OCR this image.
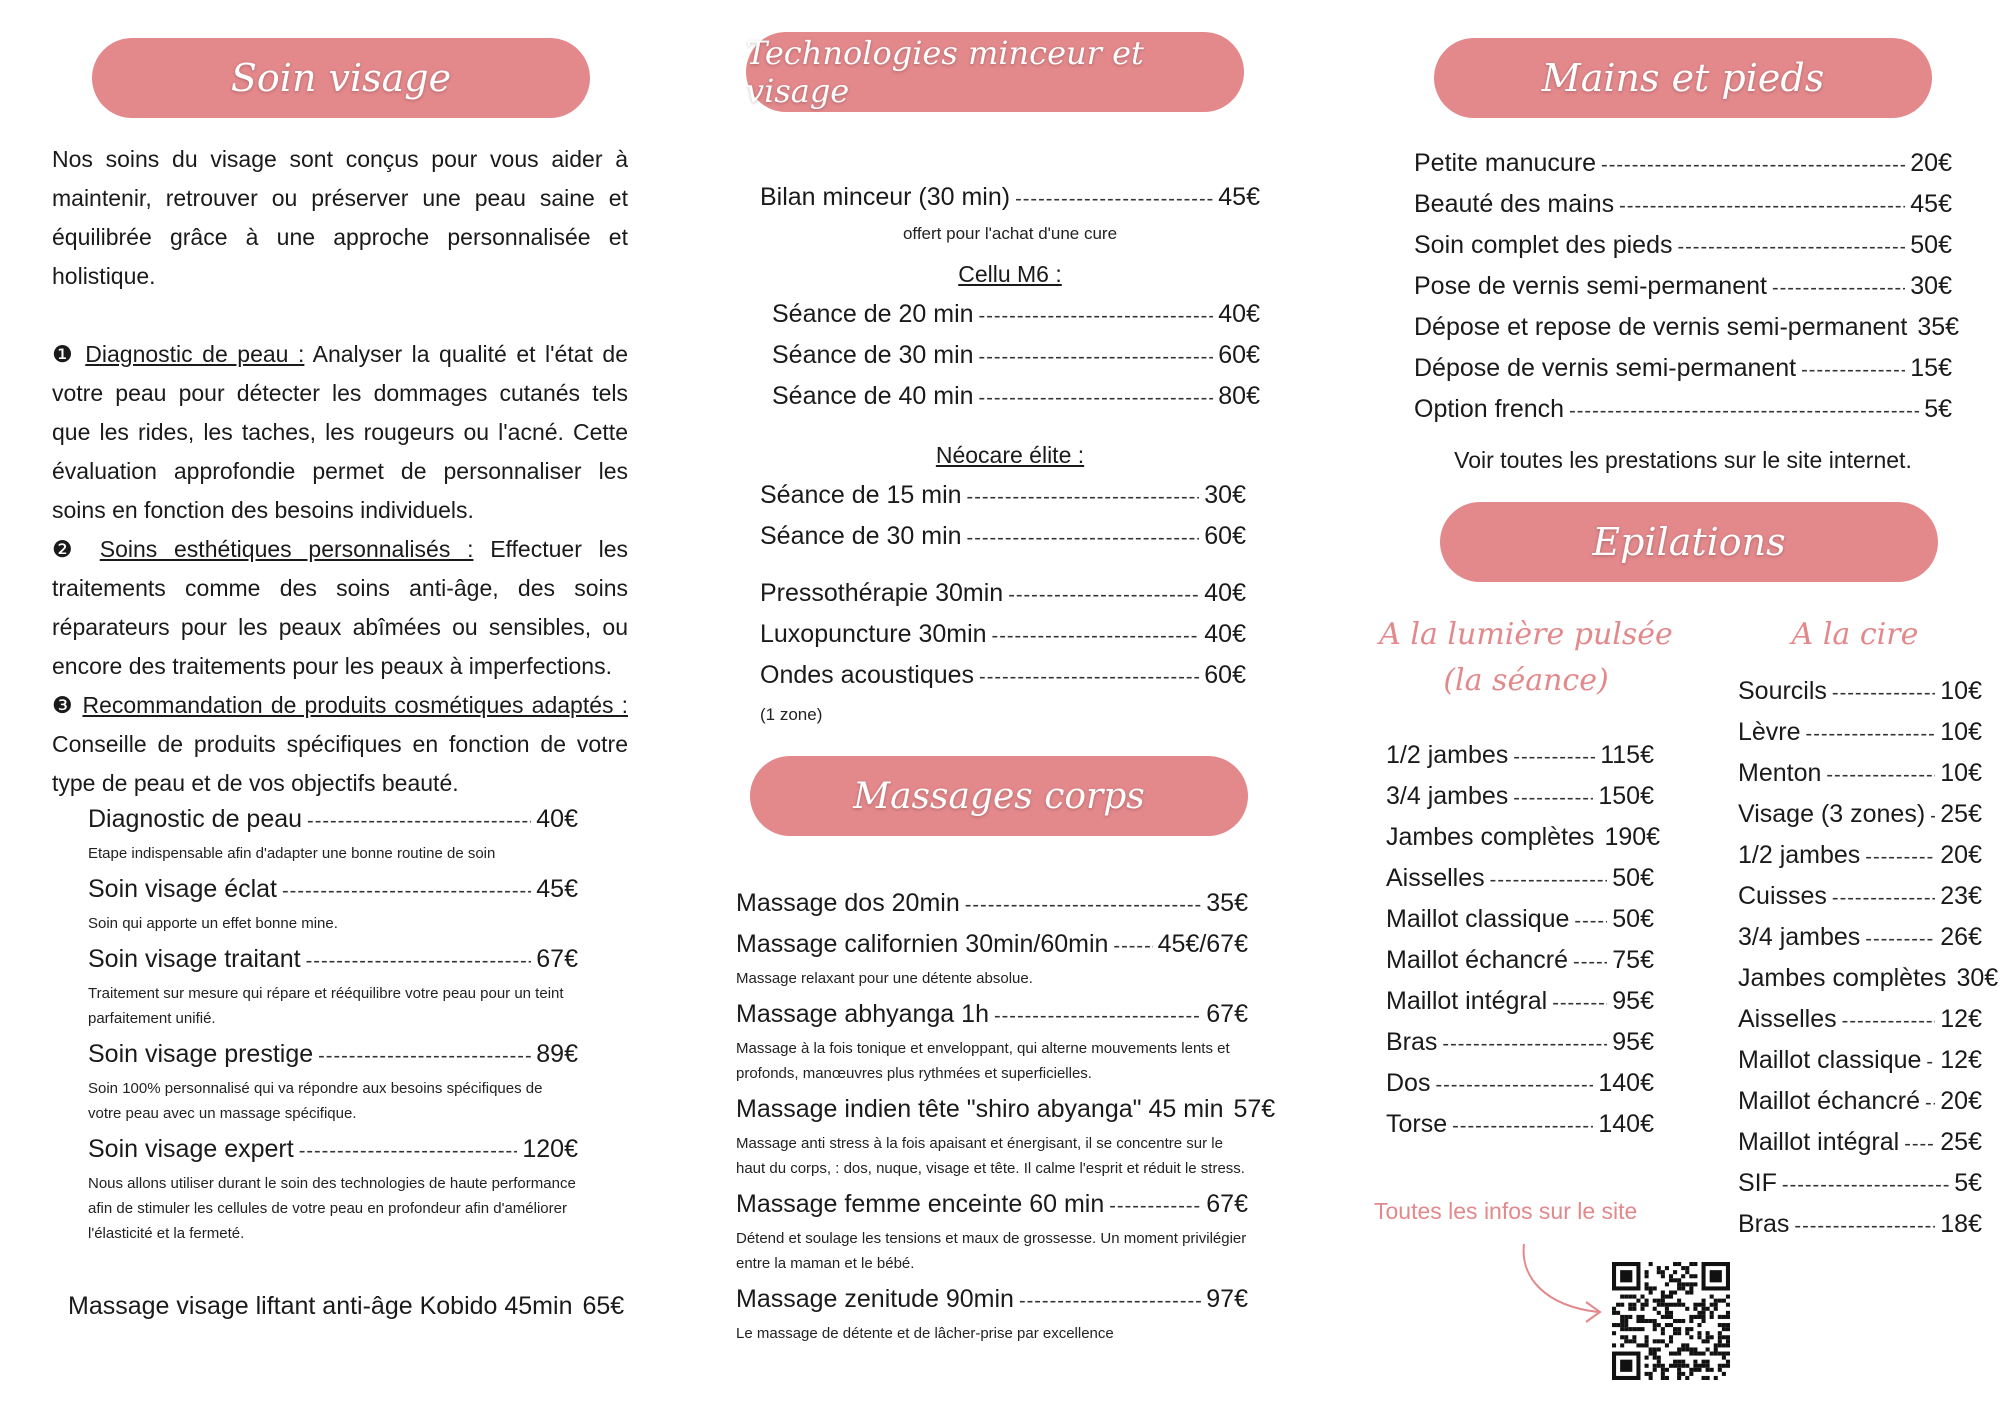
Soin visage

Nos soins du visage sont conçus pour vous aider à maintenir, retrouver ou préserver une peau saine et équilibrée grâce à une approche personnalisée et holistique.

❶ Diagnostic de peau : Analyser la qualité et l'état de votre peau pour détecter les dommages cutanés tels que les rides, les taches, les rougeurs ou l'acné. Cette évaluation approfondie permet de personnaliser les soins en fonction des besoins individuels.

❷ Soins esthétiques personnalisés : Effectuer les traitements comme des soins anti-âge, des soins réparateurs pour les peaux abîmées ou sensibles, ou encore des traitements pour les peaux à imperfections.

❸ Recommandation de produits cosmétiques adaptés : Conseille de produits spécifiques en fonction de votre type de peau et de vos objectifs beauté.

Diagnostic de peau -----	40€
Etape indispensable afin d'adapter une bonne routine de soin
Soin visage éclat -----	45€
Soin qui apporte un effet bonne mine.
Soin visage traitant -----	67€
Traitement sur mesure qui répare et rééquilibre votre peau pour un teint parfaitement unifié.
Soin visage prestige -----	89€
Soin 100% personnalisé qui va répondre aux besoins spécifiques de votre peau avec un massage spécifique.
Soin visage expert -----	120€
Nous allons utiliser durant le soin des technologies de haute performance afin de stimuler les cellules de votre peau en profondeur afin d'améliorer l'élasticité et la fermeté.
Massage visage liftant anti-âge Kobido 45min 65€
Technologies minceur et visage
Bilan minceur (30 min) -----	45€
offert pour l'achat d'une cure
Cellu M6 :
Séance de 20 min -----	40€
Séance de 30 min -----	60€
Séance de 40 min -----	80€
Néocare élite :
Séance de 15 min -----	30€
Séance de 30 min -----	60€
Pressothérapie 30min -----	40€
Luxopuncture 30min -----	40€
Ondes acoustiques -----	60€
(1 zone)
Massages corps
Massage dos 20min -----	35€
Massage californien 30min/60min ----- 45€/67€
Massage relaxant pour une détente absolue.
Massage abhyanga 1h -----	67€
Massage à la fois tonique et enveloppant, qui alterne mouvements lents et profonds, manœuvres plus rythmées et superficielles.
Massage indien tête "shiro abyanga" 45 min 57€
Massage anti stress à la fois apaisant et énergisant, il se concentre sur le haut du corps, : dos, nuque, visage et tête. Il calme l'esprit et réduit le stress.
Massage femme enceinte 60 min -----	67€
Détend et soulage les tensions et maux de grossesse. Un moment privilégier entre la maman et le bébé.
Massage zenitude 90min -----	97€
Le massage de détente et de lâcher-prise par excellence
Mains et pieds
Petite manucure -----	20€
Beauté des mains -----	45€
Soin complet des pieds -----	50€
Pose de vernis semi-permanent -----	30€
Dépose et repose de vernis semi-permanent 35€
Dépose de vernis semi-permanent -----	15€
Option french -----	5€
Voir toutes les prestations sur le site internet.
Epilations
A la lumière pulsée
(la séance)
A la cire
1/2 jambes -----	115€
3/4 jambes -----	150€
Jambes complètes 190€
Aisselles -----	50€
Maillot classique ----- 50€
Maillot échancré ----- 75€
Maillot intégral -----	95€
Bras -----	95€
Dos -----	140€
Torse -----	140€
Sourcils -----	10€
Lèvre -----	10€
Menton -----	10€
Visage (3 zones) ----- 25€
1/2 jambes -----	20€
Cuisses -----	23€
3/4 jambes -----	26€
Jambes complètes 30€
Aisselles -----	12€
Maillot classique ----- 12€
Maillot échancré ----- 20€
Maillot intégral ----- 25€
SIF -----	5€
Bras -----	18€
Toutes les infos sur le site
